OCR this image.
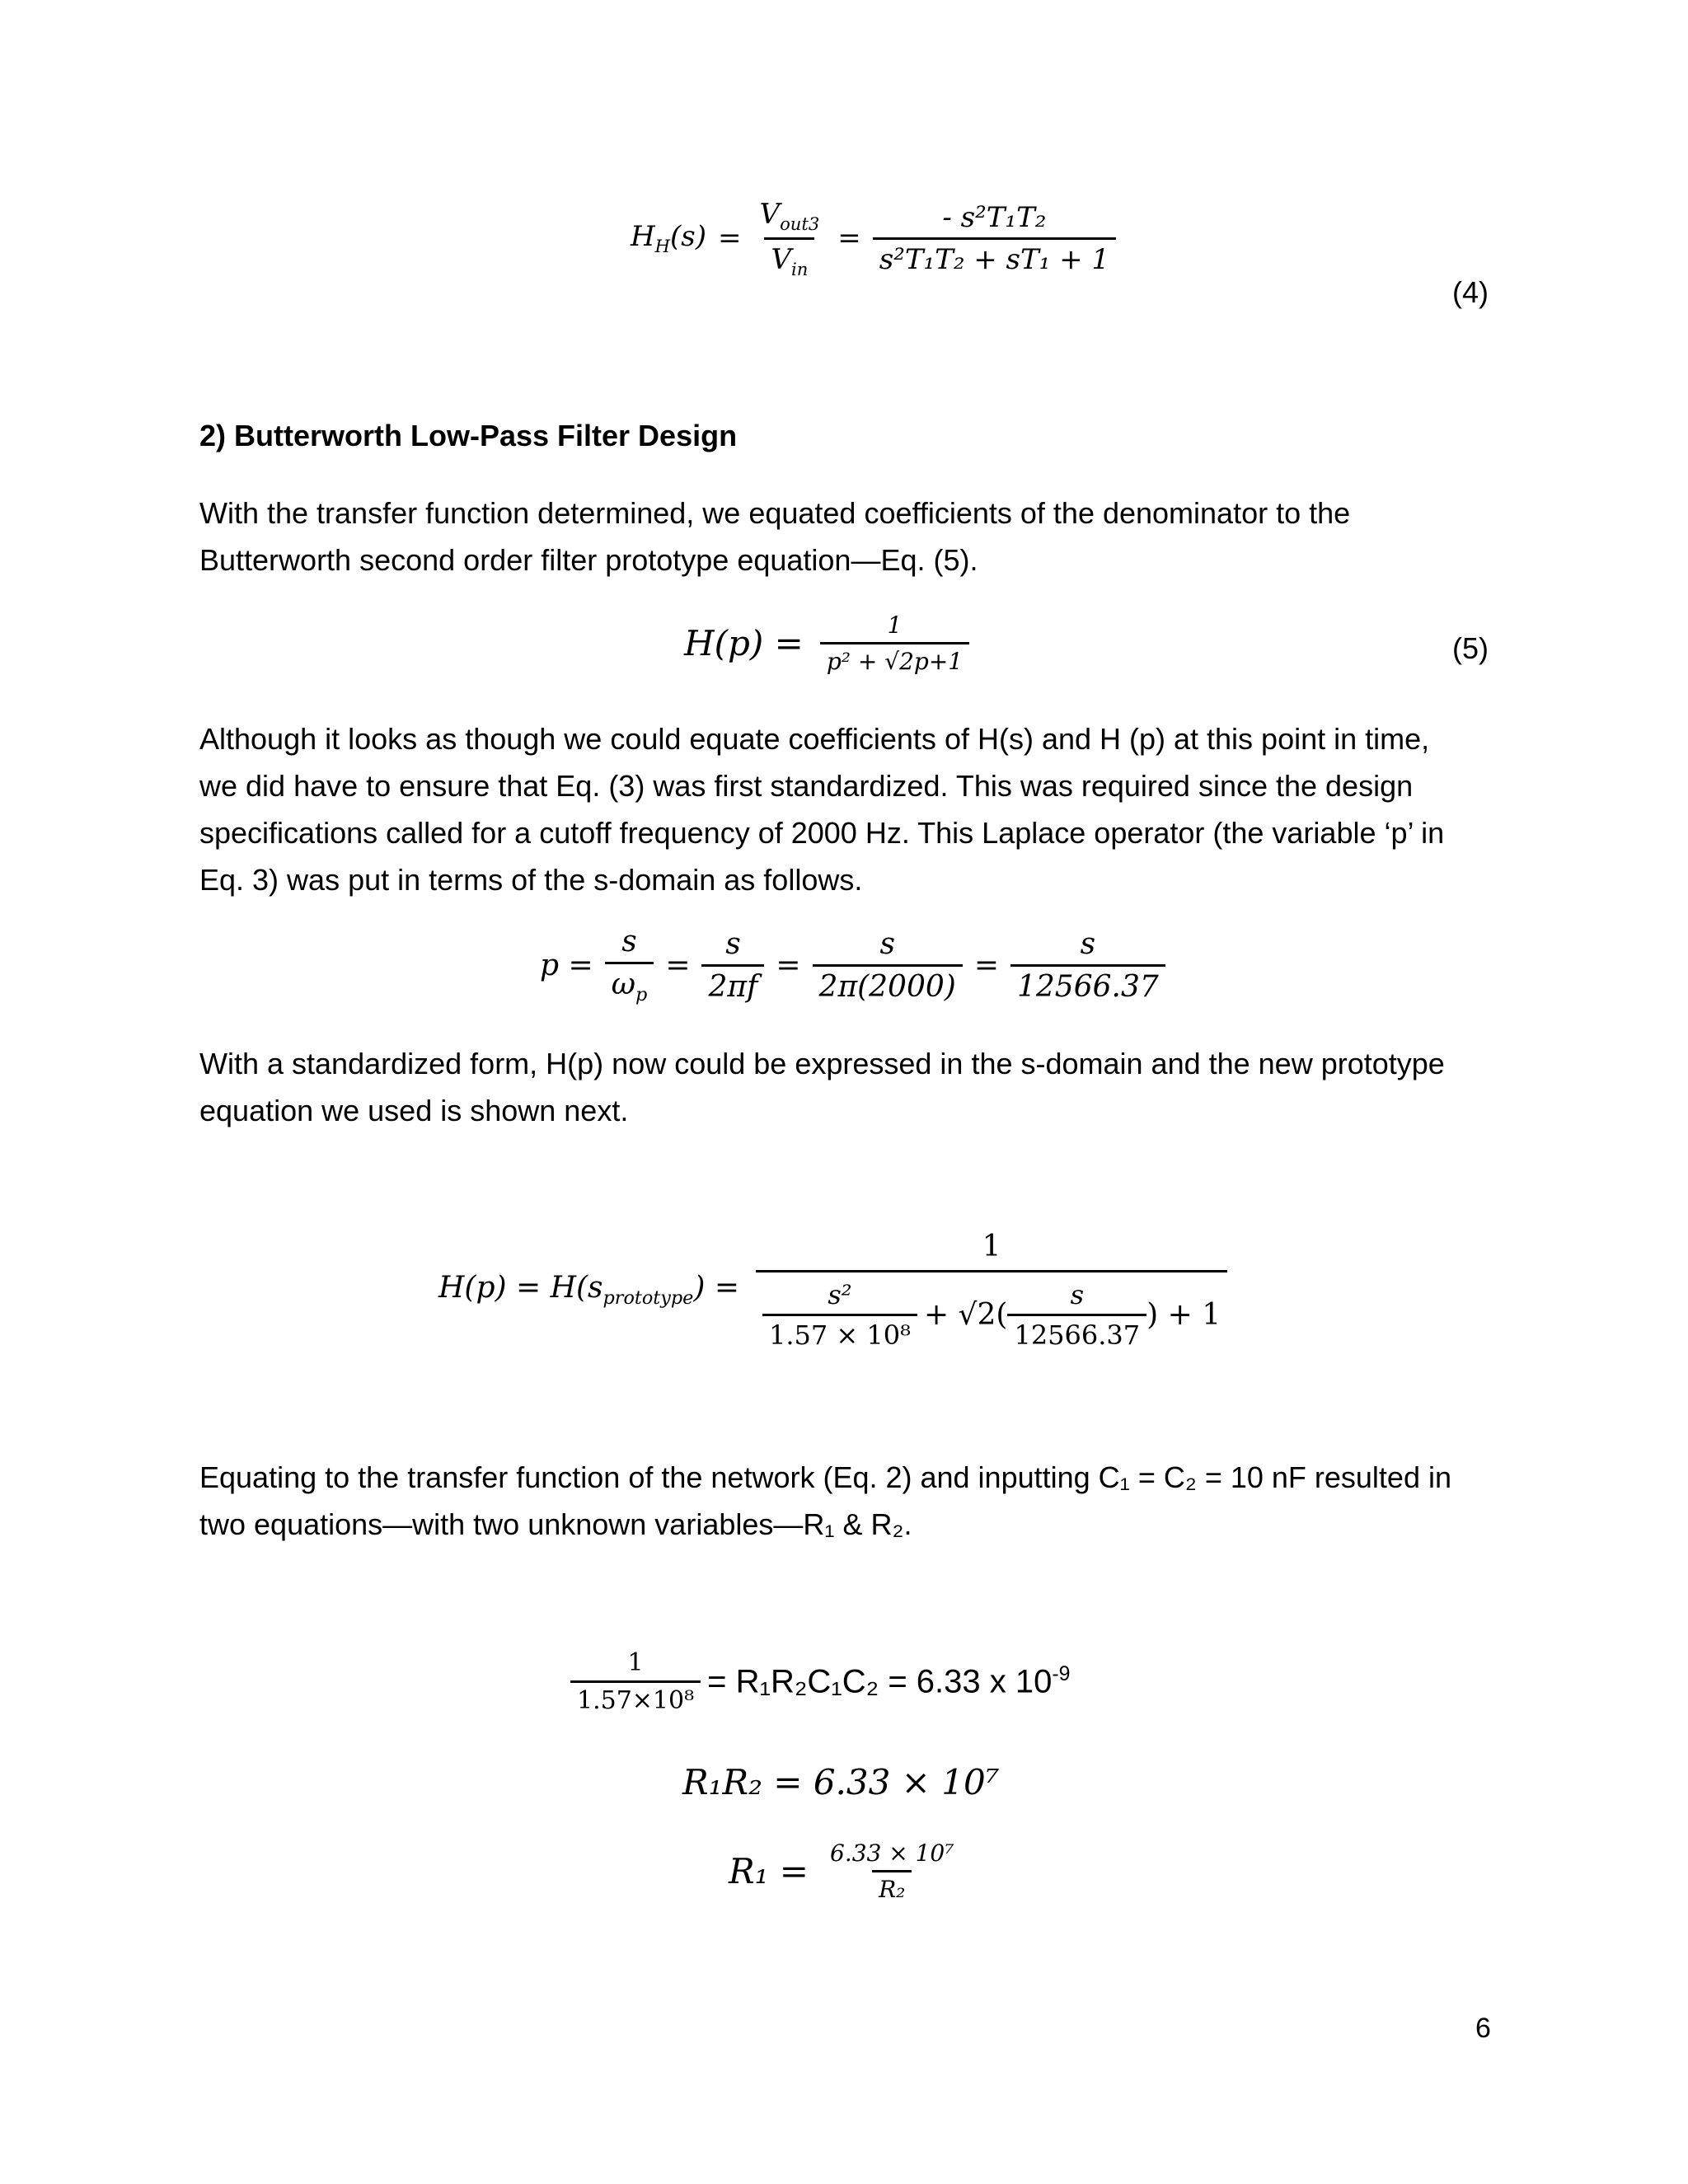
$H_H(s) = \frac{V_{out3}}{V_{in}} = \frac{\text{- s²T₁T₂}}{\text{s²T₁T₂ + sT₁ + 1}}$
(4)
2) Butterworth Low-Pass Filter Design
With the transfer function determined, we equated coefficients of the denominator to the
Butterworth second order filter prototype equation—Eq. (5).
$H(p) = \frac{1}{\text{p² + √2p+1}}$	(5)
Although it looks as though we could equate coefficients of H(s) and H (p) at this point in time,
we did have to ensure that Eq. (3) was first standardized. This was required since the design
specifications called for a cutoff frequency of 2000 Hz. This Laplace operator (the variable ‘p’ in
Eq. 3) was put in terms of the s-domain as follows.
$p = \frac{s}{\omega_p} = \frac{s}{2\pi f} = \frac{s}{2\pi(2000)} = \frac{s}{12566.37}$
With a standardized form, H(p) now could be expressed in the s-domain and the new prototype
equation we used is shown next.
$H(p) = H(s_{prototype})$ =
1
$\frac{\text{s²}}{\text{1.57 × 10⁸}} + √2( \frac{s}{12566.37}$ ) + 1
Equating to the transfer function of the network (Eq. 2) and inputting C₁ = C₂ = 10 nF resulted in
two equations—with two unknown variables—R₁ & R₂.
$\frac{1}{\text{1.57×10⁸}} = R_1R_2C_1C_2 = 6.33$ x $10^{-9}$
R₁R₂ = 6.33 × 10⁷
$R_1 = \frac{\text{6.33 × 10⁷}}{\text{R₂}}$
6
